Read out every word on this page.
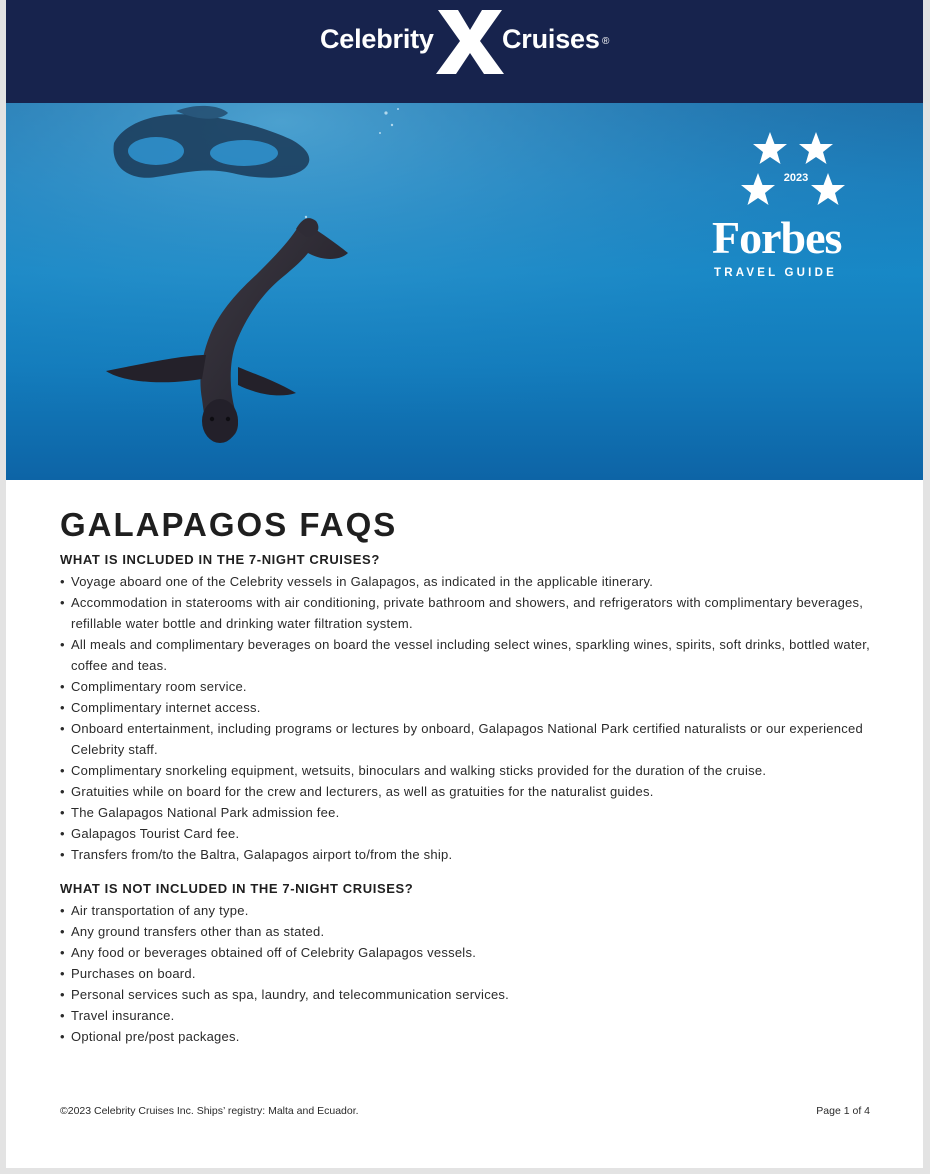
Celebrity	Cruises ®
2023
Forbes
TRAVEL GUIDE
GALAPAGOS FAQS
WHAT IS INCLUDED IN THE 7-NIGHT CRUISES?
• Voyage aboard one of the Celebrity vessels in Galapagos, as indicated in the applicable itinerary.
• Accommodation in staterooms with air conditioning, private bathroom and showers, and refrigerators with complimentary beverages, refillable water bottle and drinking water filtration system.
• All meals and complimentary beverages on board the vessel including select wines, sparkling wines, spirits, soft drinks, bottled water, coffee and teas.
• Complimentary room service.
• Complimentary internet access.
• Onboard entertainment, including programs or lectures by onboard, Galapagos National Park certified naturalists or our experienced Celebrity staff.
• Complimentary snorkeling equipment, wetsuits, binoculars and walking sticks provided for the duration of the cruise.
• Gratuities while on board for the crew and lecturers, as well as gratuities for the naturalist guides.
• The Galapagos National Park admission fee.
• Galapagos Tourist Card fee.
• Transfers from/to the Baltra, Galapagos airport to/from the ship.
WHAT IS NOT INCLUDED IN THE 7-NIGHT CRUISES?
• Air transportation of any type.
• Any ground transfers other than as stated.
• Any food or beverages obtained off of Celebrity Galapagos vessels.
• Purchases on board.
• Personal services such as spa, laundry, and telecommunication services.
• Travel insurance.
• Optional pre/post packages.
©2023 Celebrity Cruises Inc. Ships’ registry: Malta and Ecuador.	Page 1 of 4
